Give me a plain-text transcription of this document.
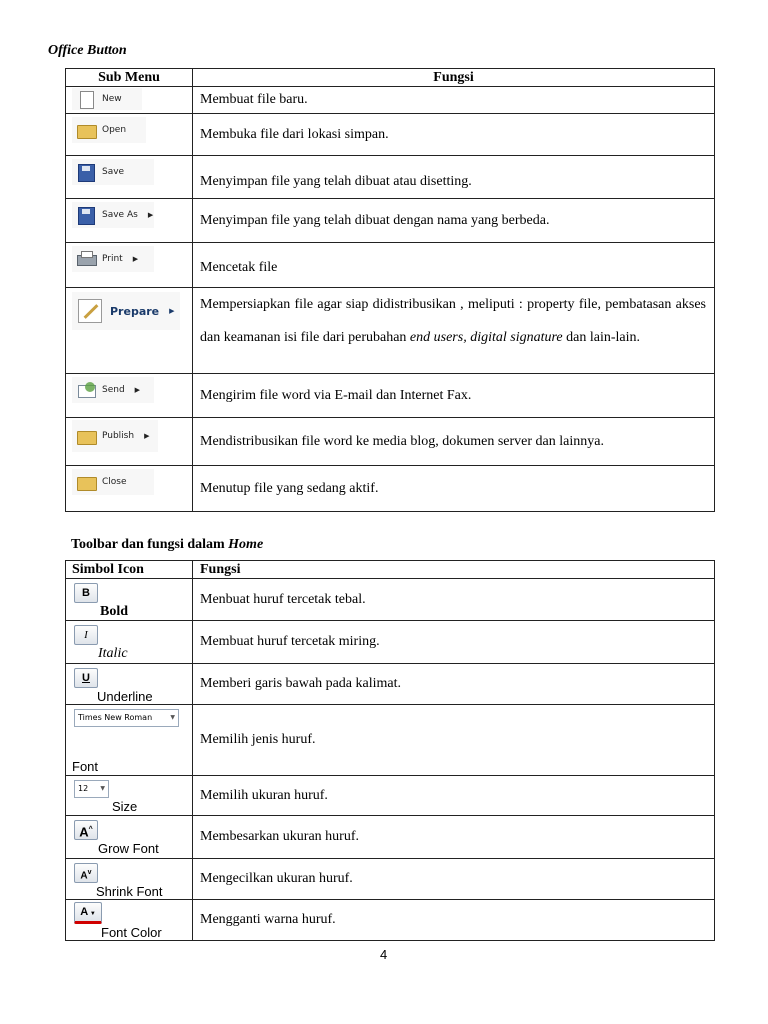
Office Button
Sub Menu	Fungsi

New	Membuat file baru.

Open	Membuka file dari lokasi simpan.

Save	Menyimpan file yang telah dibuat atau disetting.

Save As ▶	Menyimpan file yang telah dibuat dengan nama yang berbeda.

Print ▶	Mencetak file

Prepare ▶	Mempersiapkan file agar siap didistribusikan , meliputi : property file, pembatasan akses dan keamanan isi file dari perubahan end users, digital signature dan lain-lain.

Send ▶	Mengirim file word via E-mail dan Internet Fax.

Publish ▶	Mendistribusikan file word ke media blog, dokumen server dan lainnya.

Close	Menutup file yang sedang aktif.
Toolbar dan fungsi dalam Home
Simbol Icon	Fungsi

B
Bold	Menbuat huruf tercetak tebal.

I
Italic	Membuat huruf tercetak miring.

U
Underline	Memberi garis bawah pada kalimat.

Times New Roman ▼
Font	Memilih jenis huruf.

12 ▼
Size	Memilih ukuran huruf.

A^
Grow Font	Membesarkan ukuran huruf.

$A^v$
Shrink Font	Mengecilkan ukuran huruf.

A ▼
Font Color	Mengganti warna huruf.
4
